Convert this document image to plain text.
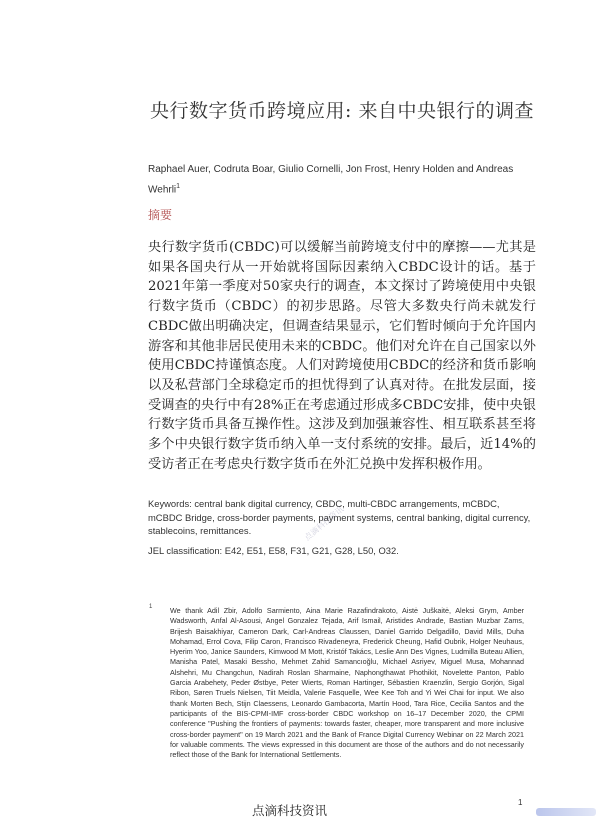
央行数字货币跨境应用: 来自中央银行的调查
Raphael Auer, Codruta Boar, Giulio Cornelli, Jon Frost, Henry Holden and Andreas Wehrli$^1$
摘要

央行数字货币(CBDC)可以缓解当前跨境支付中的摩擦——尤其是如果各国央行从一开始就将国际因素纳入CBDC设计的话。基于2021年第一季度对50家央行的调查，本文探讨了跨境使用中央银行数字货币（CBDC）的初步思路。尽管大多数央行尚未就发行CBDC做出明确决定，但调查结果显示，它们暂时倾向于允许国内游客和其他非居民使用未来的CBDC。他们对允许在自己国家以外使用CBDC持谨慎态度。人们对跨境使用CBDC的经济和货币影响以及私营部门全球稳定币的担忧得到了认真对待。在批发层面，接受调查的央行中有28%正在考虑通过形成多CBDC安排，使中央银行数字货币具备互操作性。这涉及到加强兼容性、相互联系甚至将多个中央银行数字货币纳入单一支付系统的安排。最后，近14%的受访者正在考虑央行数字货币在外汇兑换中发挥积极作用。

Keywords: central bank digital currency, CBDC, multi-CBDC arrangements, mCBDC, mCBDC Bridge, cross-border payments, payment systems, central banking, digital currency, stablecoins, remittances.

JEL classification: E42, E51, E58, F31, G21, G28, L50, O32.

点滴科技资讯
1 We thank Adil Zbir, Adolfo Sarmiento, Aina Marie Razafindrakoto, Aistė Juškaitė, Aleksi Grym, Amber Wadsworth, Anfal Al-Asousi, Angel Gonzalez Tejada, Arif Ismail, Aristides Andrade, Bastian Muzbar Zams, Brijesh Baisakhiyar, Cameron Dark, Carl-Andreas Claussen, Daniel Garrido Delgadillo, David Mills, Duha Mohamad, Errol Cova, Filip Caron, Francisco Rivadeneyra, Frederick Cheung, Hafid Oubrik, Holger Neuhaus, Hyerim Yoo, Janice Saunders, Kimwood M Mott, Kristóf Takács, Leslie Ann Des Vignes, Ludmilla Buteau Allien, Manisha Patel, Masaki Bessho, Mehmet Zahid Samancıoğlu, Michael Asriyev, Miguel Musa, Mohannad Alshehri, Mu Changchun, Nadirah Roslan Sharmaine, Naphongthawat Phothikit, Novelette Panton, Pablo Garcia Arabehety, Peder Østbye, Peter Wierts, Roman Hartinger, Sébastien Kraenzlin, Sergio Gorjón, Sigal Ribon, Søren Truels Nielsen, Tiit Meidla, Valerie Fasquelle, Wee Kee Toh and Yi Wei Chai for input. We also thank Morten Bech, Stijn Claessens, Leonardo Gambacorta, Martín Hood, Tara Rice, Cecilia Santos and the participants of the BIS-CPMI-IMF cross-border CBDC workshop on 16–17 December 2020, the CPMI conference "Pushing the frontiers of payments: towards faster, cheaper, more transparent and more inclusive cross-border payment" on 19 March 2021 and the Bank of France Digital Currency Webinar on 22 March 2021 for valuable comments. The views expressed in this document are those of the authors and do not necessarily reflect those of the Bank for International Settlements.

点滴科技资讯
1
